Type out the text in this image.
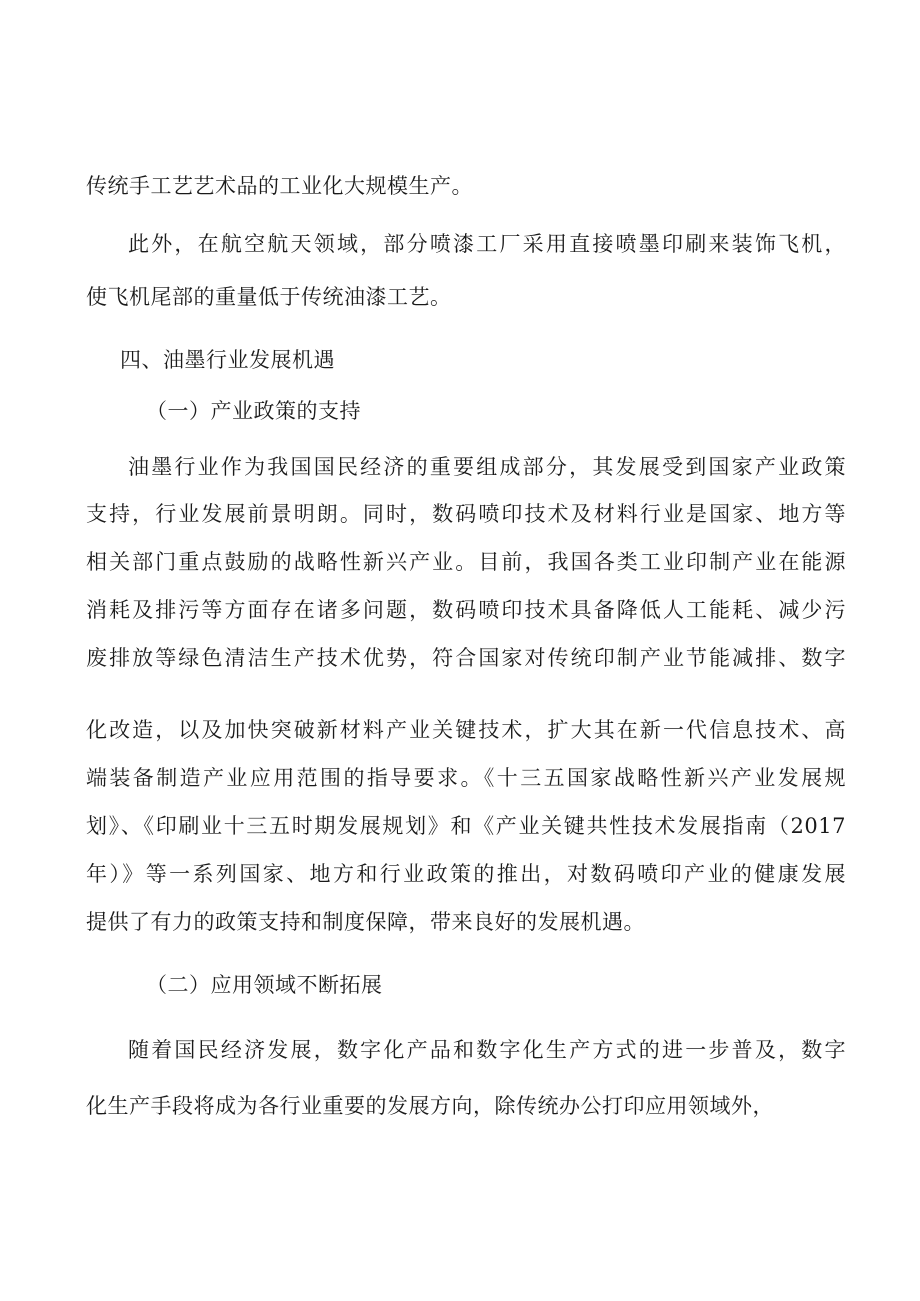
传统手工艺艺术品的工业化大规模生产。
此外，在航空航天领域，部分喷漆工厂采用直接喷墨印刷来装饰飞机，
使飞机尾部的重量低于传统油漆工艺。
四、油墨行业发展机遇
（一）产业政策的支持
油墨行业作为我国国民经济的重要组成部分，其发展受到国家产业政策
支持，行业发展前景明朗。同时，数码喷印技术及材料行业是国家、地方等
相关部门重点鼓励的战略性新兴产业。目前，我国各类工业印制产业在能源
消耗及排污等方面存在诸多问题，数码喷印技术具备降低人工能耗、减少污
废排放等绿色清洁生产技术优势，符合国家对传统印制产业节能减排、数字
化改造，以及加快突破新材料产业关键技术，扩大其在新一代信息技术、高
端装备制造产业应用范围的指导要求。《十三五国家战略性新兴产业发展规
划》、《印刷业十三五时期发展规划》和《产业关键共性技术发展指南（2017
年）》等一系列国家、地方和行业政策的推出，对数码喷印产业的健康发展
提供了有力的政策支持和制度保障，带来良好的发展机遇。
（二）应用领域不断拓展
随着国民经济发展，数字化产品和数字化生产方式的进一步普及，数字
化生产手段将成为各行业重要的发展方向，除传统办公打印应用领域外，
